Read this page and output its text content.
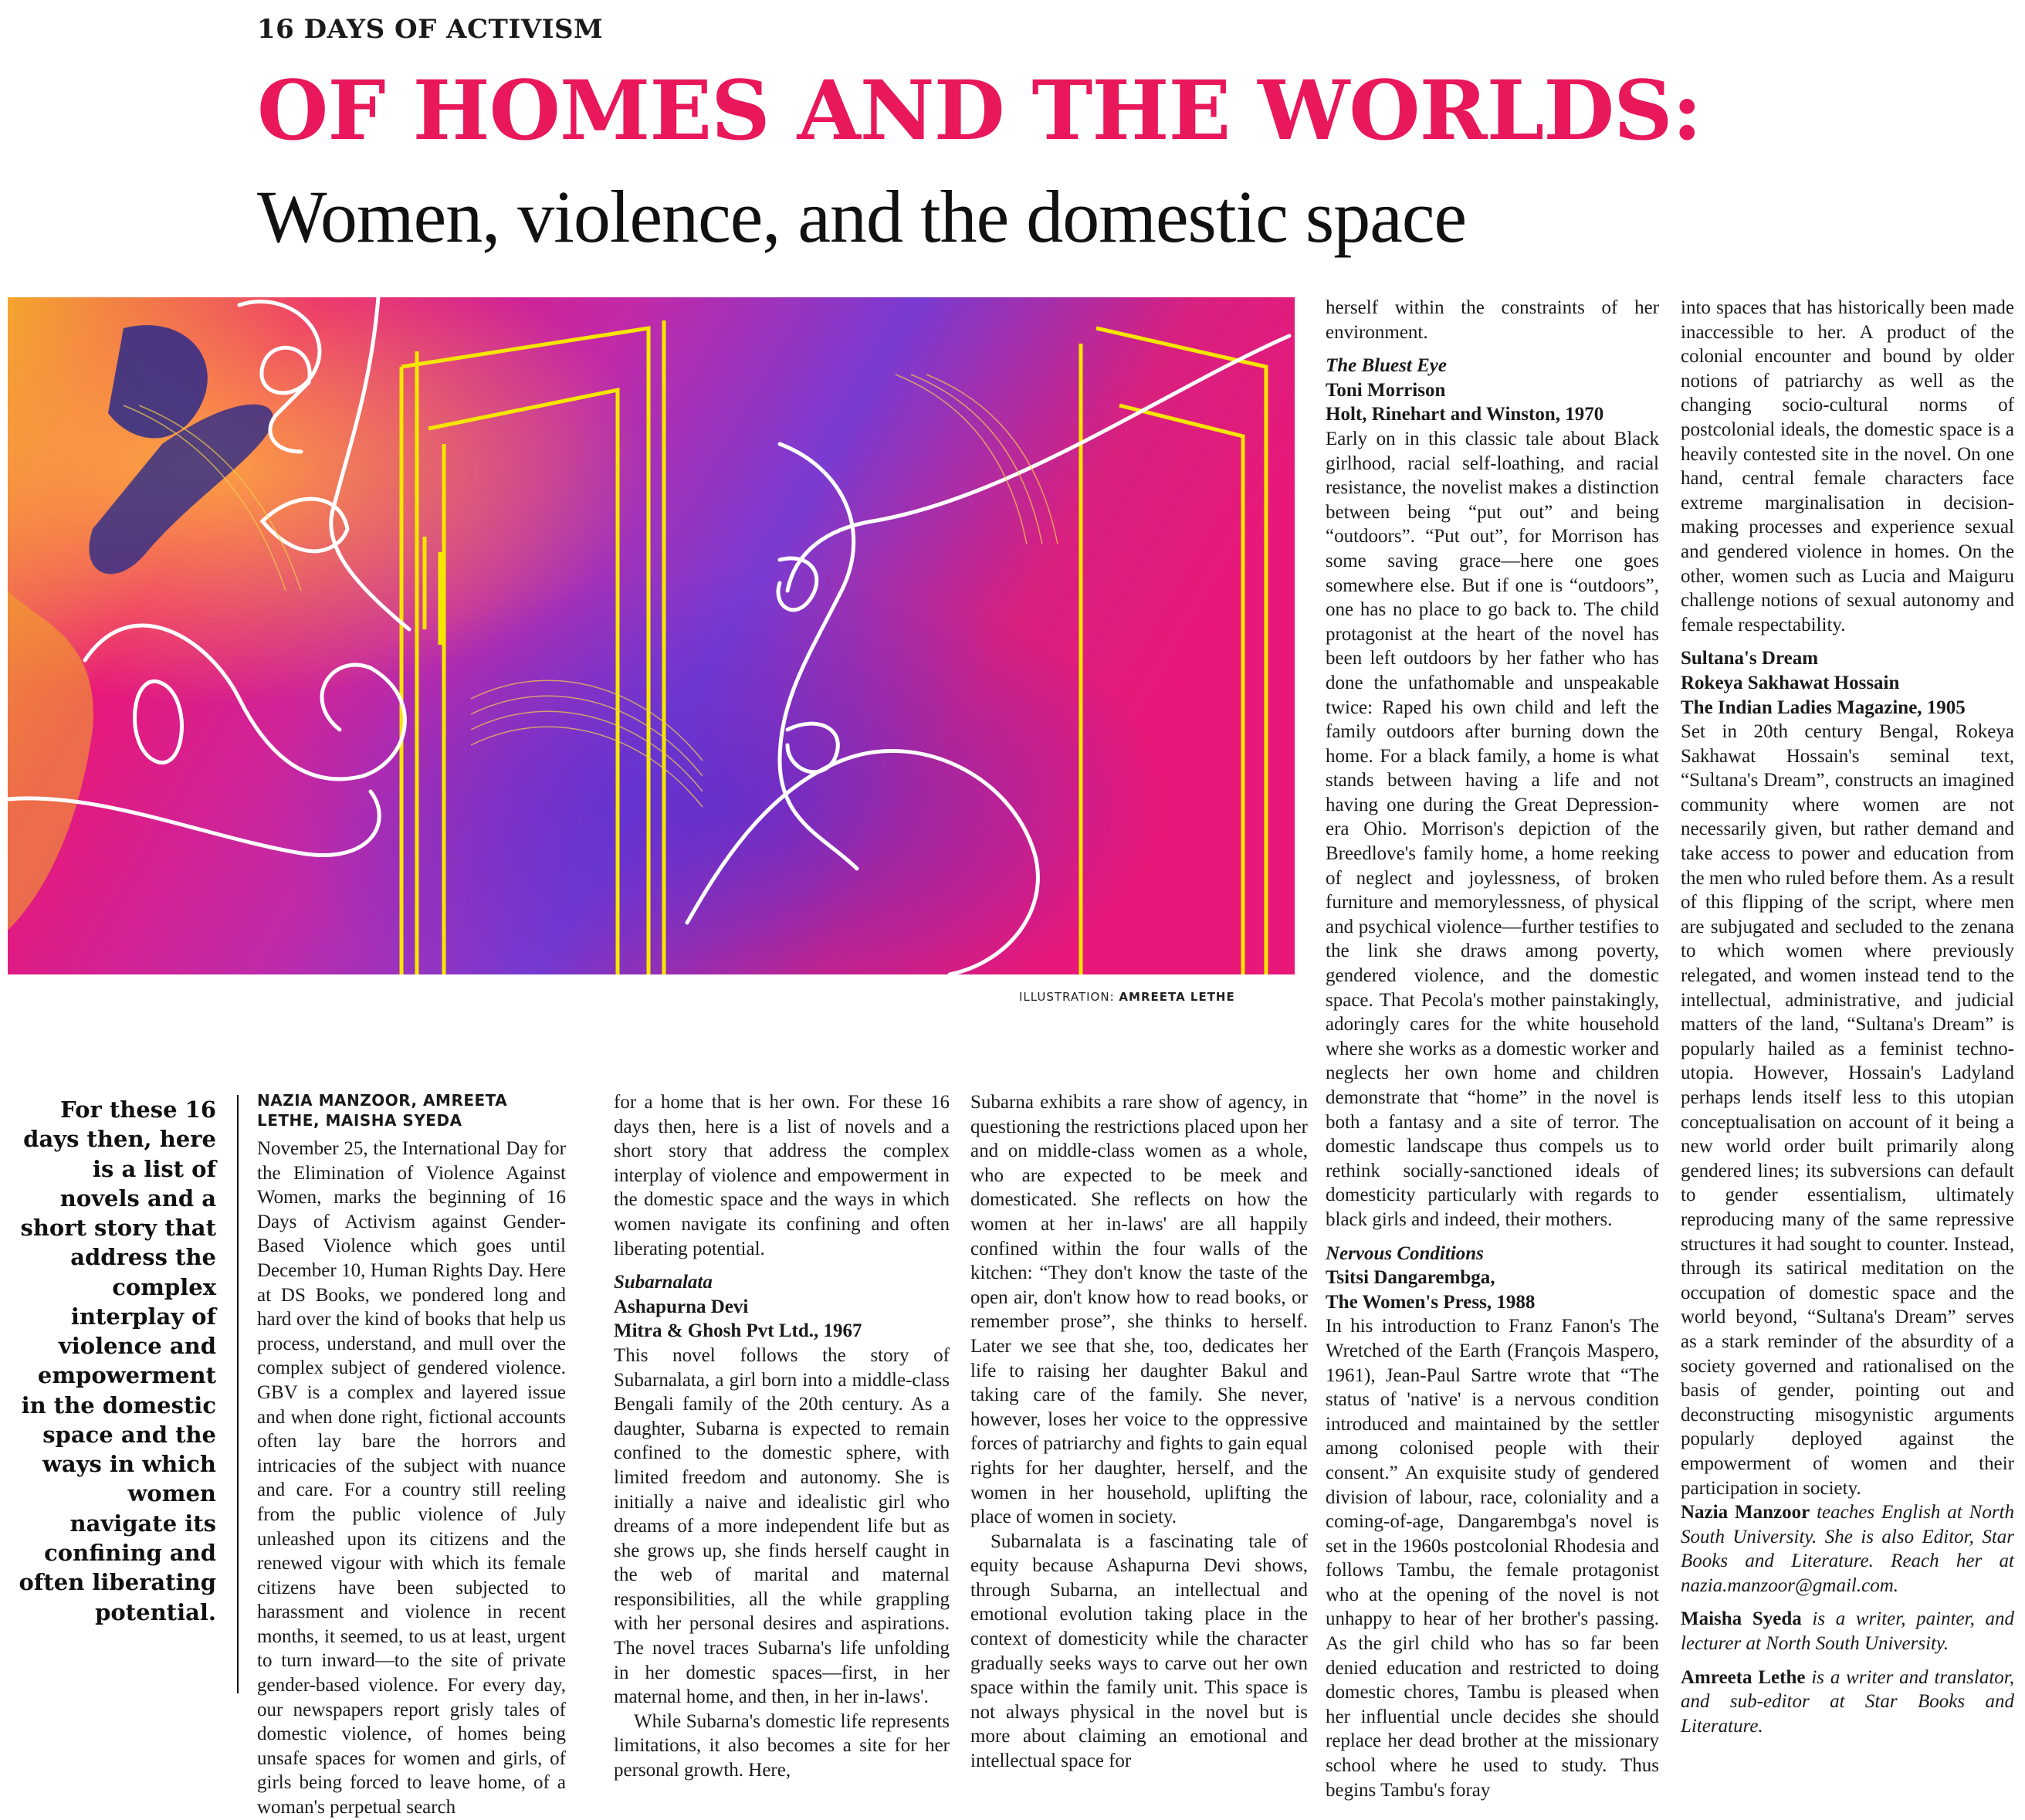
16 DAYS OF ACTIVISM
OF HOMES AND THE WORLDS:
Women, violence, and the domestic space
ILLUSTRATION: AMREETA LETHE
For these 16 days then, here is a list of novels and a short story that address the complex interplay of violence and empowerment in the domestic space and the ways in which women navigate its confining and often liberating potential.
NAZIA MANZOOR, AMREETA LETHE, MAISHA SYEDA

November 25, the International Day for the Elimination of Violence Against Women, marks the beginning of 16 Days of Activism against Gender-Based Violence which goes until December 10, Human Rights Day. Here at DS Books, we pondered long and hard over the kind of books that help us process, understand, and mull over the complex subject of gendered violence. GBV is a complex and layered issue and when done right, fictional accounts often lay bare the horrors and intricacies of the subject with nuance and care. For a country still reeling from the public violence of July unleashed upon its citizens and the renewed vigour with which its female citizens have been subjected to harassment and violence in recent months, it seemed, to us at least, urgent to turn inward—to the site of private gender-based violence. For every day, our newspapers report grisly tales of domestic violence, of homes being unsafe spaces for women and girls, of girls being forced to leave home, of a woman's perpetual search

for a home that is her own. For these 16 days then, here is a list of novels and a short story that address the complex interplay of violence and empowerment in the domestic space and the ways in which women navigate its confining and often liberating potential.

Subarnalata
Ashapurna Devi
Mitra & Ghosh Pvt Ltd., 1967

This novel follows the story of Subarnalata, a girl born into a middle-class Bengali family of the 20th century. As a daughter, Subarna is expected to remain confined to the domestic sphere, with limited freedom and autonomy. She is initially a naive and idealistic girl who dreams of a more independent life but as she grows up, she finds herself caught in the web of marital and maternal responsibilities, all the while grappling with her personal desires and aspirations. The novel traces Subarna's life unfolding in her domestic spaces—first, in her maternal home, and then, in her in-laws'.

While Subarna's domestic life represents limitations, it also becomes a site for her personal growth. Here,

Subarna exhibits a rare show of agency, in questioning the restrictions placed upon her and on middle-class women as a whole, who are expected to be meek and domesticated. She reflects on how the women at her in-laws' are all happily confined within the four walls of the kitchen: “They don't know the taste of the open air, don't know how to read books, or remember prose”, she thinks to herself. Later we see that she, too, dedicates her life to raising her daughter Bakul and taking care of the family. She never, however, loses her voice to the oppressive forces of patriarchy and fights to gain equal rights for her daughter, herself, and the women in her household, uplifting the place of women in society.

Subarnalata is a fascinating tale of equity because Ashapurna Devi shows, through Subarna, an intellectual and emotional evolution taking place in the context of domesticity while the character gradually seeks ways to carve out her own space within the family unit. This space is not always physical in the novel but is more about claiming an emotional and intellectual space for

herself within the constraints of her environment.

The Bluest Eye
Toni Morrison
Holt, Rinehart and Winston, 1970

Early on in this classic tale about Black girlhood, racial self-loathing, and racial resistance, the novelist makes a distinction between being “put out” and being “outdoors”. “Put out”, for Morrison has some saving grace—here one goes somewhere else. But if one is “outdoors”, one has no place to go back to. The child protagonist at the heart of the novel has been left outdoors by her father who has done the unfathomable and unspeakable twice: Raped his own child and left the family outdoors after burning down the home. For a black family, a home is what stands between having a life and not having one during the Great Depression-era Ohio. Morrison's depiction of the Breedlove's family home, a home reeking of neglect and joylessness, of broken furniture and memorylessness, of physical and psychical violence—further testifies to the link she draws among poverty, gendered violence, and the domestic space. That Pecola's mother painstakingly, adoringly cares for the white household where she works as a domestic worker and neglects her own home and children demonstrate that “home” in the novel is both a fantasy and a site of terror. The domestic landscape thus compels us to rethink socially-sanctioned ideals of domesticity particularly with regards to black girls and indeed, their mothers.

Nervous Conditions
Tsitsi Dangarembga,
The Women's Press, 1988

In his introduction to Franz Fanon's The Wretched of the Earth (François Maspero, 1961), Jean-Paul Sartre wrote that “The status of 'native' is a nervous condition introduced and maintained by the settler among colonised people with their consent.” An exquisite study of gendered division of labour, race, coloniality and a coming-of-age, Dangarembga's novel is set in the 1960s postcolonial Rhodesia and follows Tambu, the female protagonist who at the opening of the novel is not unhappy to hear of her brother's passing. As the girl child who has so far been denied education and restricted to doing domestic chores, Tambu is pleased when her influential uncle decides she should replace her dead brother at the missionary school where he used to study. Thus begins Tambu's foray

into spaces that has historically been made inaccessible to her. A product of the colonial encounter and bound by older notions of patriarchy as well as the changing socio-cultural norms of postcolonial ideals, the domestic space is a heavily contested site in the novel. On one hand, central female characters face extreme marginalisation in decision-making processes and experience sexual and gendered violence in homes. On the other, women such as Lucia and Maiguru challenge notions of sexual autonomy and female respectability.

Sultana's Dream
Rokeya Sakhawat Hossain
The Indian Ladies Magazine, 1905

Set in 20th century Bengal, Rokeya Sakhawat Hossain's seminal text, “Sultana's Dream”, constructs an imagined community where women are not necessarily given, but rather demand and take access to power and education from the men who ruled before them. As a result of this flipping of the script, where men are subjugated and secluded to the zenana to which women where previously relegated, and women instead tend to the intellectual, administrative, and judicial matters of the land, “Sultana's Dream” is popularly hailed as a feminist techno-utopia. However, Hossain's Ladyland perhaps lends itself less to this utopian conceptualisation on account of it being a new world order built primarily along gendered lines; its subversions can default to gender essentialism, ultimately reproducing many of the same repressive structures it had sought to counter. Instead, through its satirical meditation on the occupation of domestic space and the world beyond, “Sultana's Dream” serves as a stark reminder of the absurdity of a society governed and rationalised on the basis of gender, pointing out and deconstructing misogynistic arguments popularly deployed against the empowerment of women and their participation in society.

Nazia Manzoor teaches English at North South University. She is also Editor, Star Books and Literature. Reach her at nazia.manzoor@gmail.com.

Maisha Syeda is a writer, painter, and lecturer at North South University.

Amreeta Lethe is a writer and translator, and sub-editor at Star Books and Literature.
